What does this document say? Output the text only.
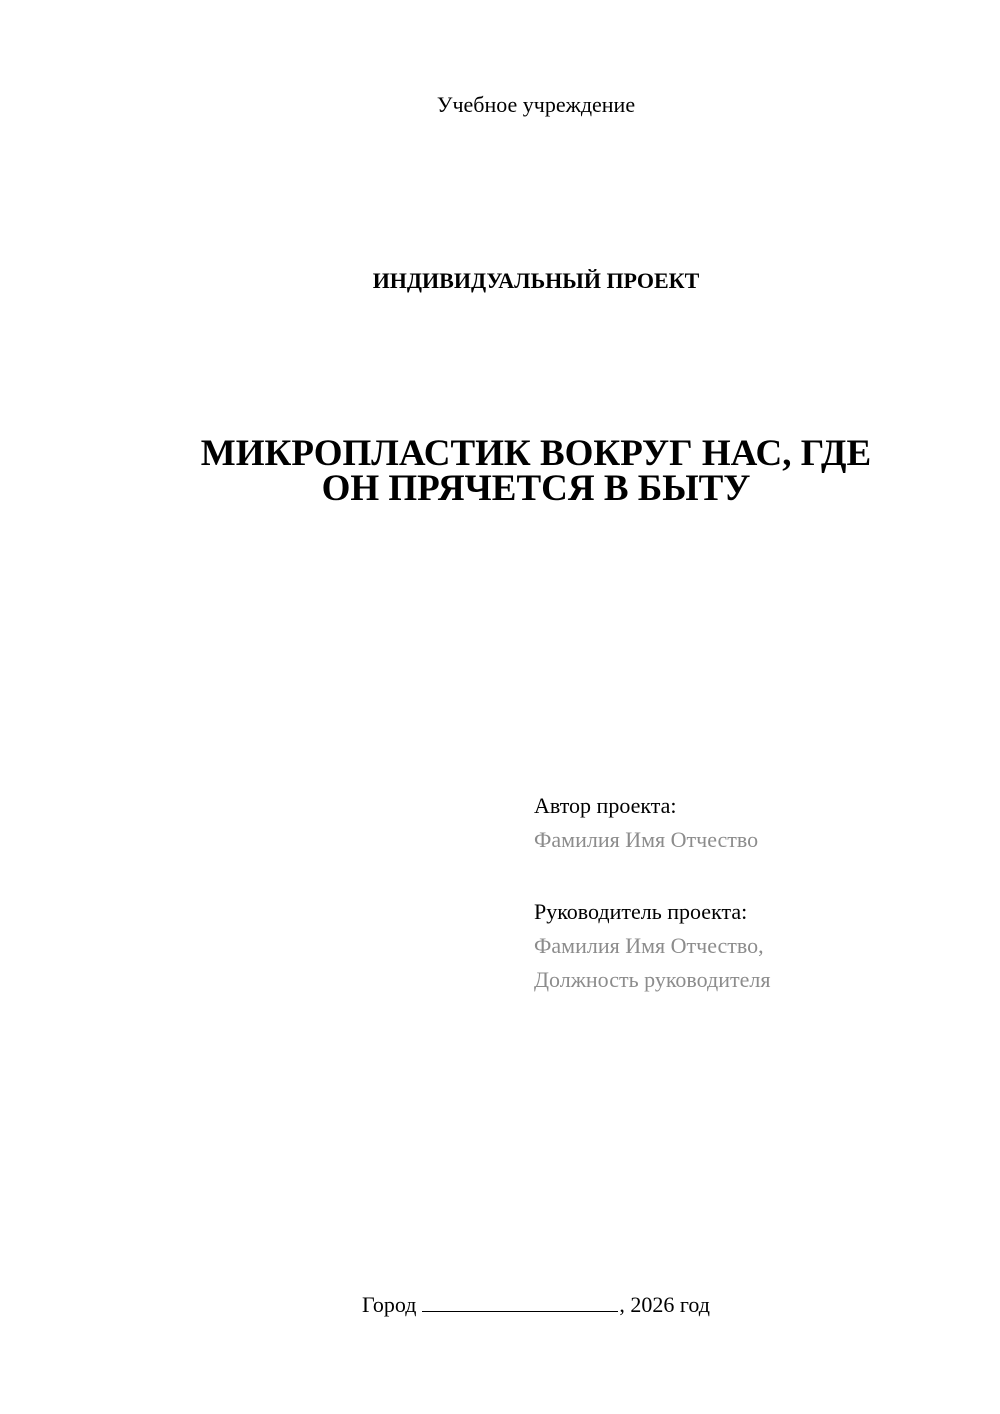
Учебное учреждение
ИНДИВИДУАЛЬНЫЙ ПРОЕКТ
МИКРОПЛАСТИК ВОКРУГ НАС, ГДЕ
ОН ПРЯЧЕТСЯ В БЫТУ
Автор проекта:
Фамилия Имя Отчество
Руководитель проекта:
Фамилия Имя Отчество,
Должность руководителя
Город	, 2026 год
